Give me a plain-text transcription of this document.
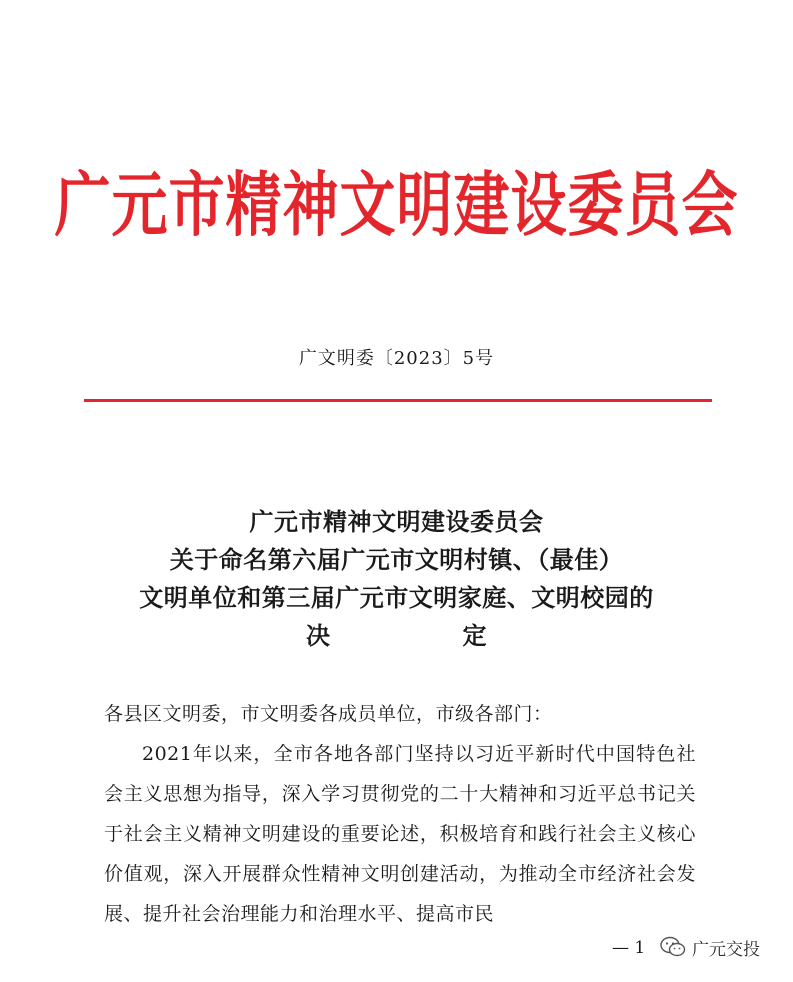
广元市精神文明建设委员会
广文明委〔2023〕5号
广元市精神文明建设委员会
关于命名第六届广元市文明村镇、（最佳）
文明单位和第三届广元市文明家庭、文明校园的
决	定

各县区文明委，市文明委各成员单位，市级各部门：

2021年以来，全市各地各部门坚持以习近平新时代中国特色社会主义思想为指导，深入学习贯彻党的二十大精神和习近平总书记关于社会主义精神文明建设的重要论述，积极培育和践行社会主义核心价值观，深入开展群众性精神文明创建活动，为推动全市经济社会发展、提升社会治理能力和治理水平、提高市民

— 1	广元交投
